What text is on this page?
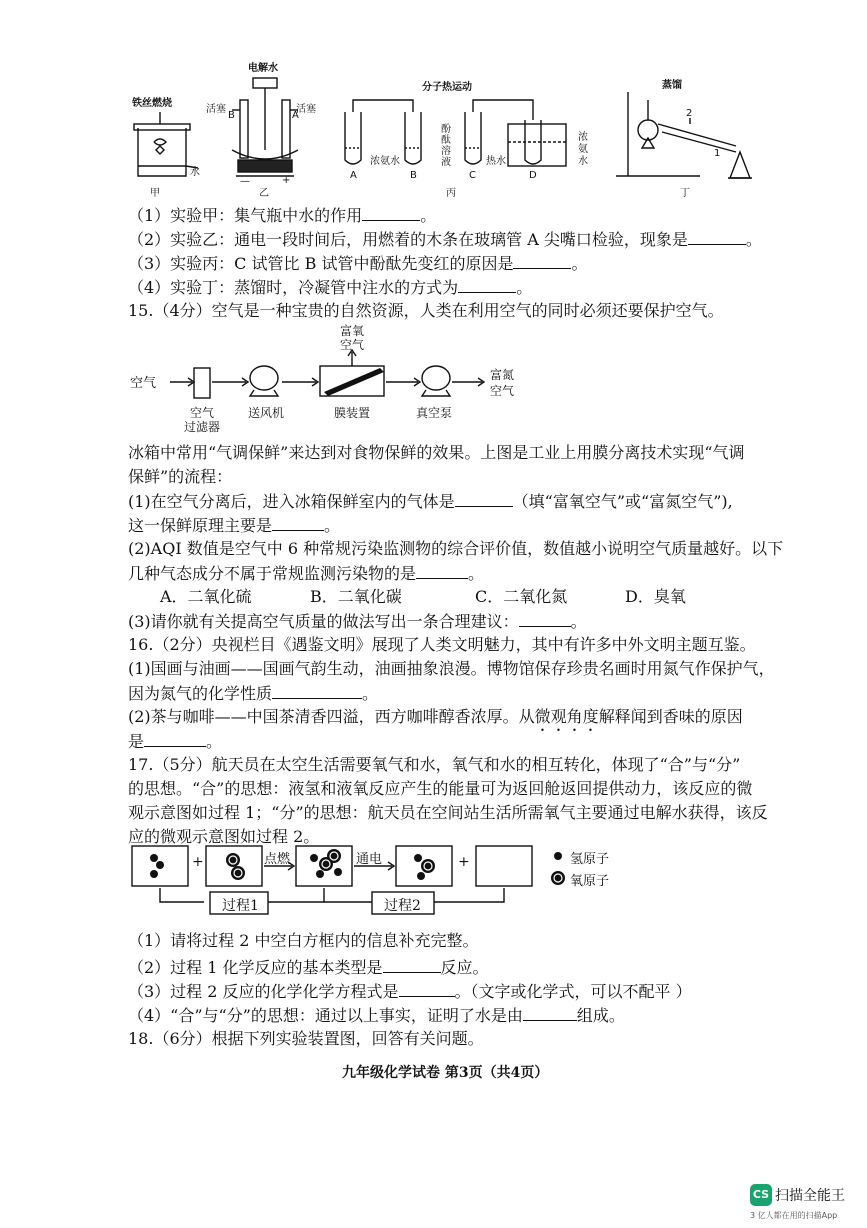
铁丝燃烧
水
甲
电解水
活塞
B
活塞
A
—	+
乙
分子热运动
浓氨水
酚
酞
溶
液	热水
浓
氨
水
A	B	C	D
丙
蒸馏
2
1
丁
（1）实验甲：集气瓶中水的作用	。
（2）实验乙：通电一段时间后，用燃着的木条在玻璃管 A 尖嘴口检验，现象是	。
（3）实验丙：C 试管比 B 试管中酚酞先变红的原因是	。
（4）实验丁：蒸馏时，冷凝管中注水的方式为	。
15.（4分）空气是一种宝贵的自然资源，人类在利用空气的同时必须还要保护空气。
空气
空气
过滤器
送风机	膜装置
富氧
空气
真空泵
富氮
空气
冰箱中常用“气调保鲜”来达到对食物保鲜的效果。上图是工业上用膜分离技术实现“气调
保鲜”的流程：
(1)在空气分离后，进入冰箱保鲜室内的气体是	（填“富氧空气”或“富氮空气”),
这一保鲜原理主要是	。
(2)AQI 数值是空气中 6 种常规污染监测物的综合评价值，数值越小说明空气质量越好。以下
几种气态成分不属于常规监测污染物的是	。
A．二氧化硫	B．二氧化碳	C．二氧化氮	D．臭氧
(3)请你就有关提高空气质量的做法写出一条合理建议：	。
16.（2分）央视栏目《遇鉴文明》展现了人类文明魅力，其中有许多中外文明主题互鉴。
(1)国画与油画——国画气韵生动，油画抽象浪漫。博物馆保存珍贵名画时用氮气作保护气，
因为氮气的化学性质	。
(2)茶与咖啡——中国茶清香四溢，西方咖啡醇香浓厚。从微观角度解释闻到香味的原因
是	。
17.（5分）航天员在太空生活需要氧气和水，氧气和水的相互转化，体现了“合”与“分”
的思想。“合”的思想：液氢和液氧反应产生的能量可为返回舱返回提供动力，该反应的微
观示意图如过程 1；“分”的思想：航天员在空间站生活所需氧气主要通过电解水获得，该反
应的微观示意图如过程 2。
+	+
点燃	通电
过程1	过程2
氢原子
氧原子
（1）请将过程 2 中空白方框内的信息补充完整。
（2）过程 1 化学反应的基本类型是	反应。
（3）过程 2 反应的化学化学方程式是	。（文字或化学式，可以不配平 ）
（4）“合”与“分”的思想：通过以上事实，证明了水是由	组成。
18.（6分）根据下列实验装置图，回答有关问题。
九年级化学试卷 第3页（共4页）
CS 扫描全能王
3 亿人都在用的扫描App
